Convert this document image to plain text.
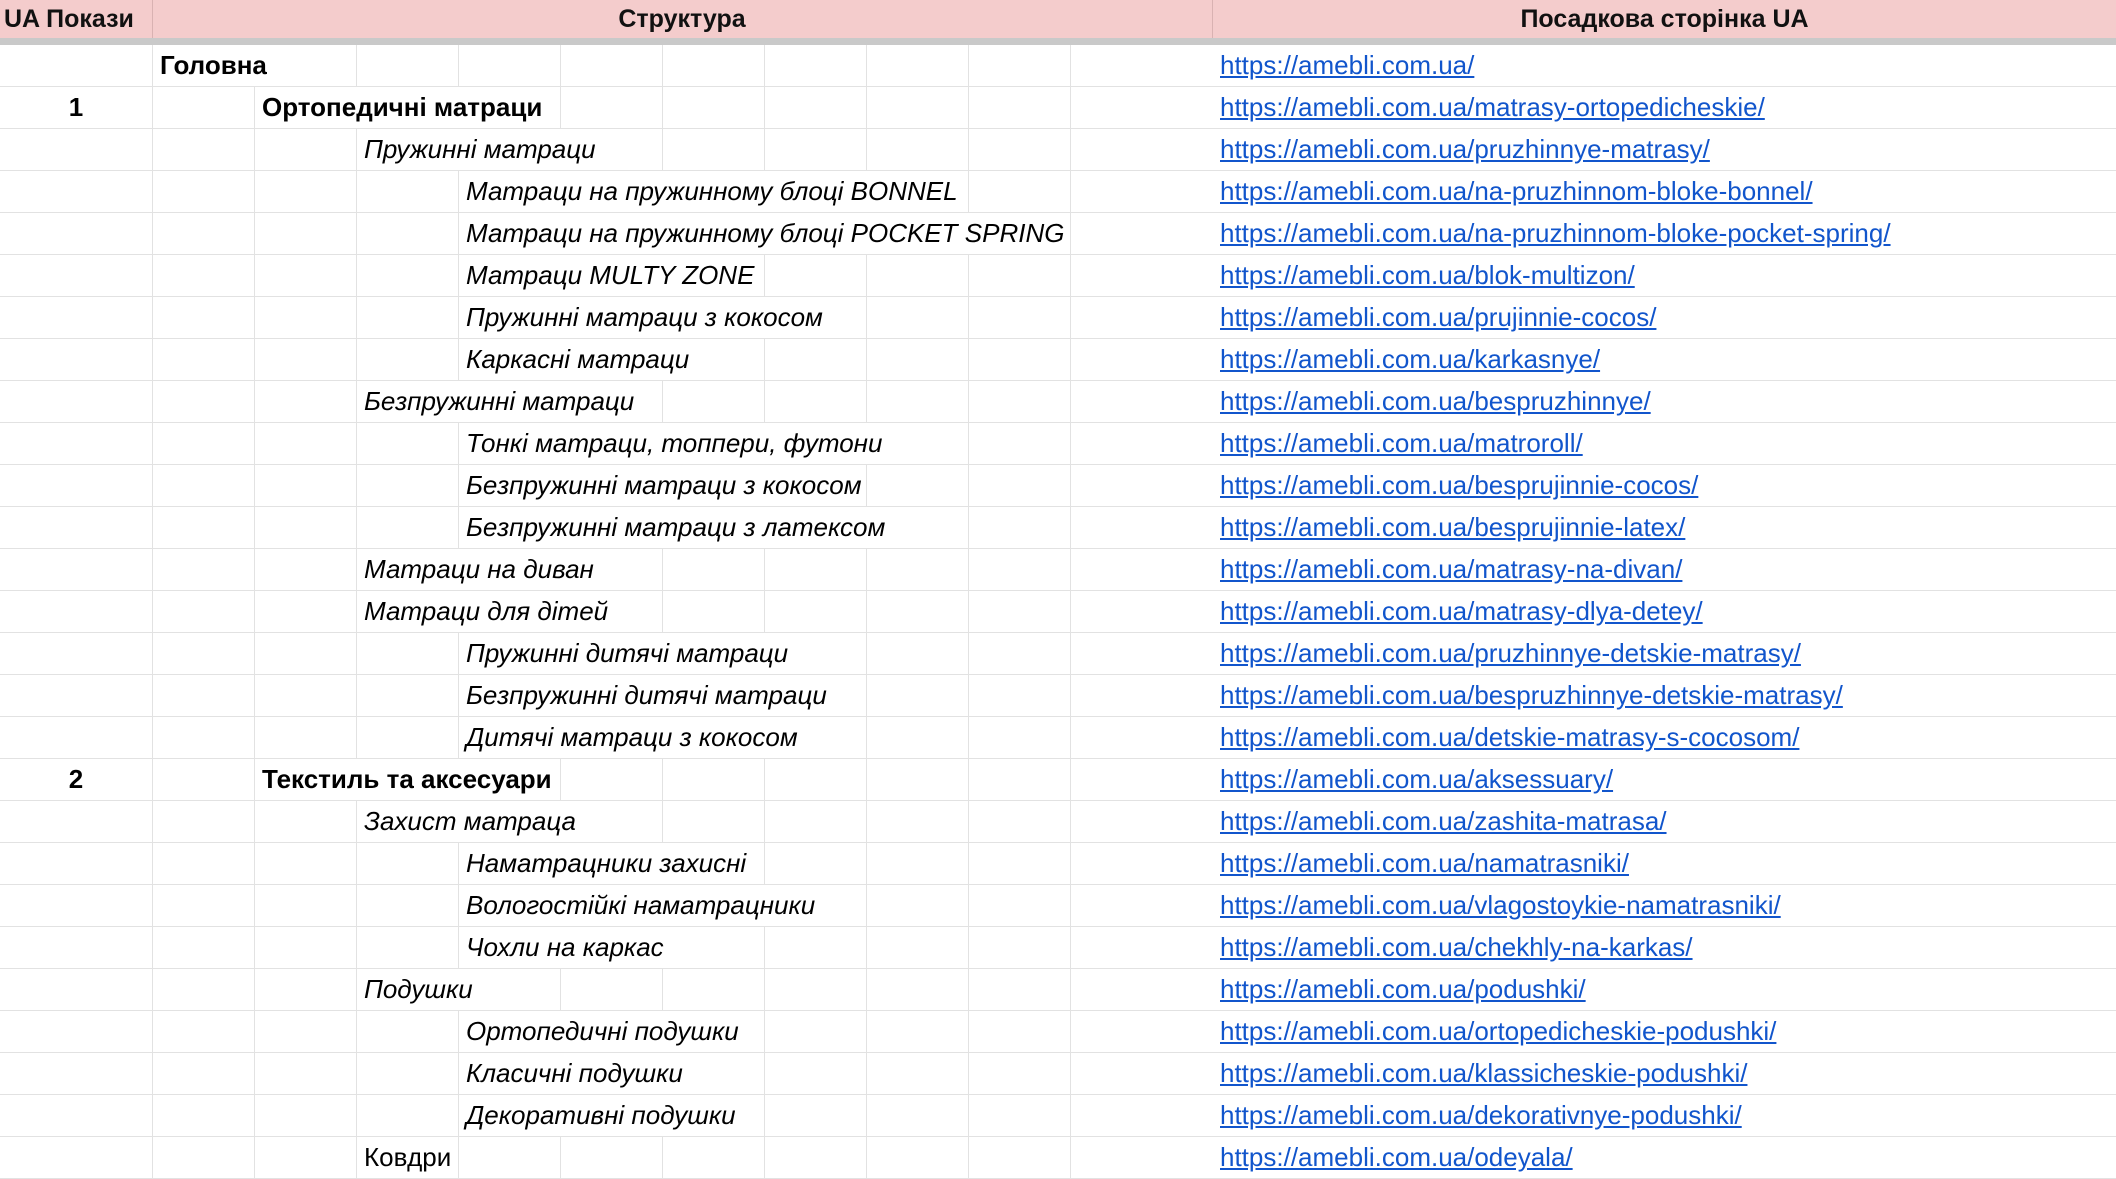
UA Покази	Структура	Посадкова сторінка UA
Головна	https://amebli.com.ua/
1	Ортопедичні матраци	https://amebli.com.ua/matrasy-ortopedicheskie/
Пружинні матраци	https://amebli.com.ua/pruzhinnye-matrasy/
Матраци на пружинному блоці BONNEL	https://amebli.com.ua/na-pruzhinnom-bloke-bonnel/
Матраци на пружинному блоці POCKET SPRING	https://amebli.com.ua/na-pruzhinnom-bloke-pocket-spring/
Матраци MULTY ZONE	https://amebli.com.ua/blok-multizon/
Пружинні матраци з кокосом	https://amebli.com.ua/prujinnie-cocos/
Каркасні матраци	https://amebli.com.ua/karkasnye/
Безпружинні матраци	https://amebli.com.ua/bespruzhinnye/
Тонкі матраци, топпери, футони	https://amebli.com.ua/matroroll/
Безпружинні матраци з кокосом	https://amebli.com.ua/besprujinnie-cocos/
Безпружинні матраци з латексом	https://amebli.com.ua/besprujinnie-latex/
Матраци на диван	https://amebli.com.ua/matrasy-na-divan/
Матраци для дітей	https://amebli.com.ua/matrasy-dlya-detey/
Пружинні дитячі матраци	https://amebli.com.ua/pruzhinnye-detskie-matrasy/
Безпружинні дитячі матраци	https://amebli.com.ua/bespruzhinnye-detskie-matrasy/
Дитячі матраци з кокосом	https://amebli.com.ua/detskie-matrasy-s-cocosom/
2	Текстиль та аксесуари	https://amebli.com.ua/aksessuary/
Захист матраца	https://amebli.com.ua/zashita-matrasa/
Наматрацники захисні	https://amebli.com.ua/namatrasniki/
Вологостійкі наматрацники	https://amebli.com.ua/vlagostoykie-namatrasniki/
Чохли на каркас	https://amebli.com.ua/chekhly-na-karkas/
Подушки	https://amebli.com.ua/podushki/
Ортопедичні подушки	https://amebli.com.ua/ortopedicheskie-podushki/
Класичні подушки	https://amebli.com.ua/klassicheskie-podushki/
Декоративні подушки	https://amebli.com.ua/dekorativnye-podushki/
Ковдри	https://amebli.com.ua/odeyala/
